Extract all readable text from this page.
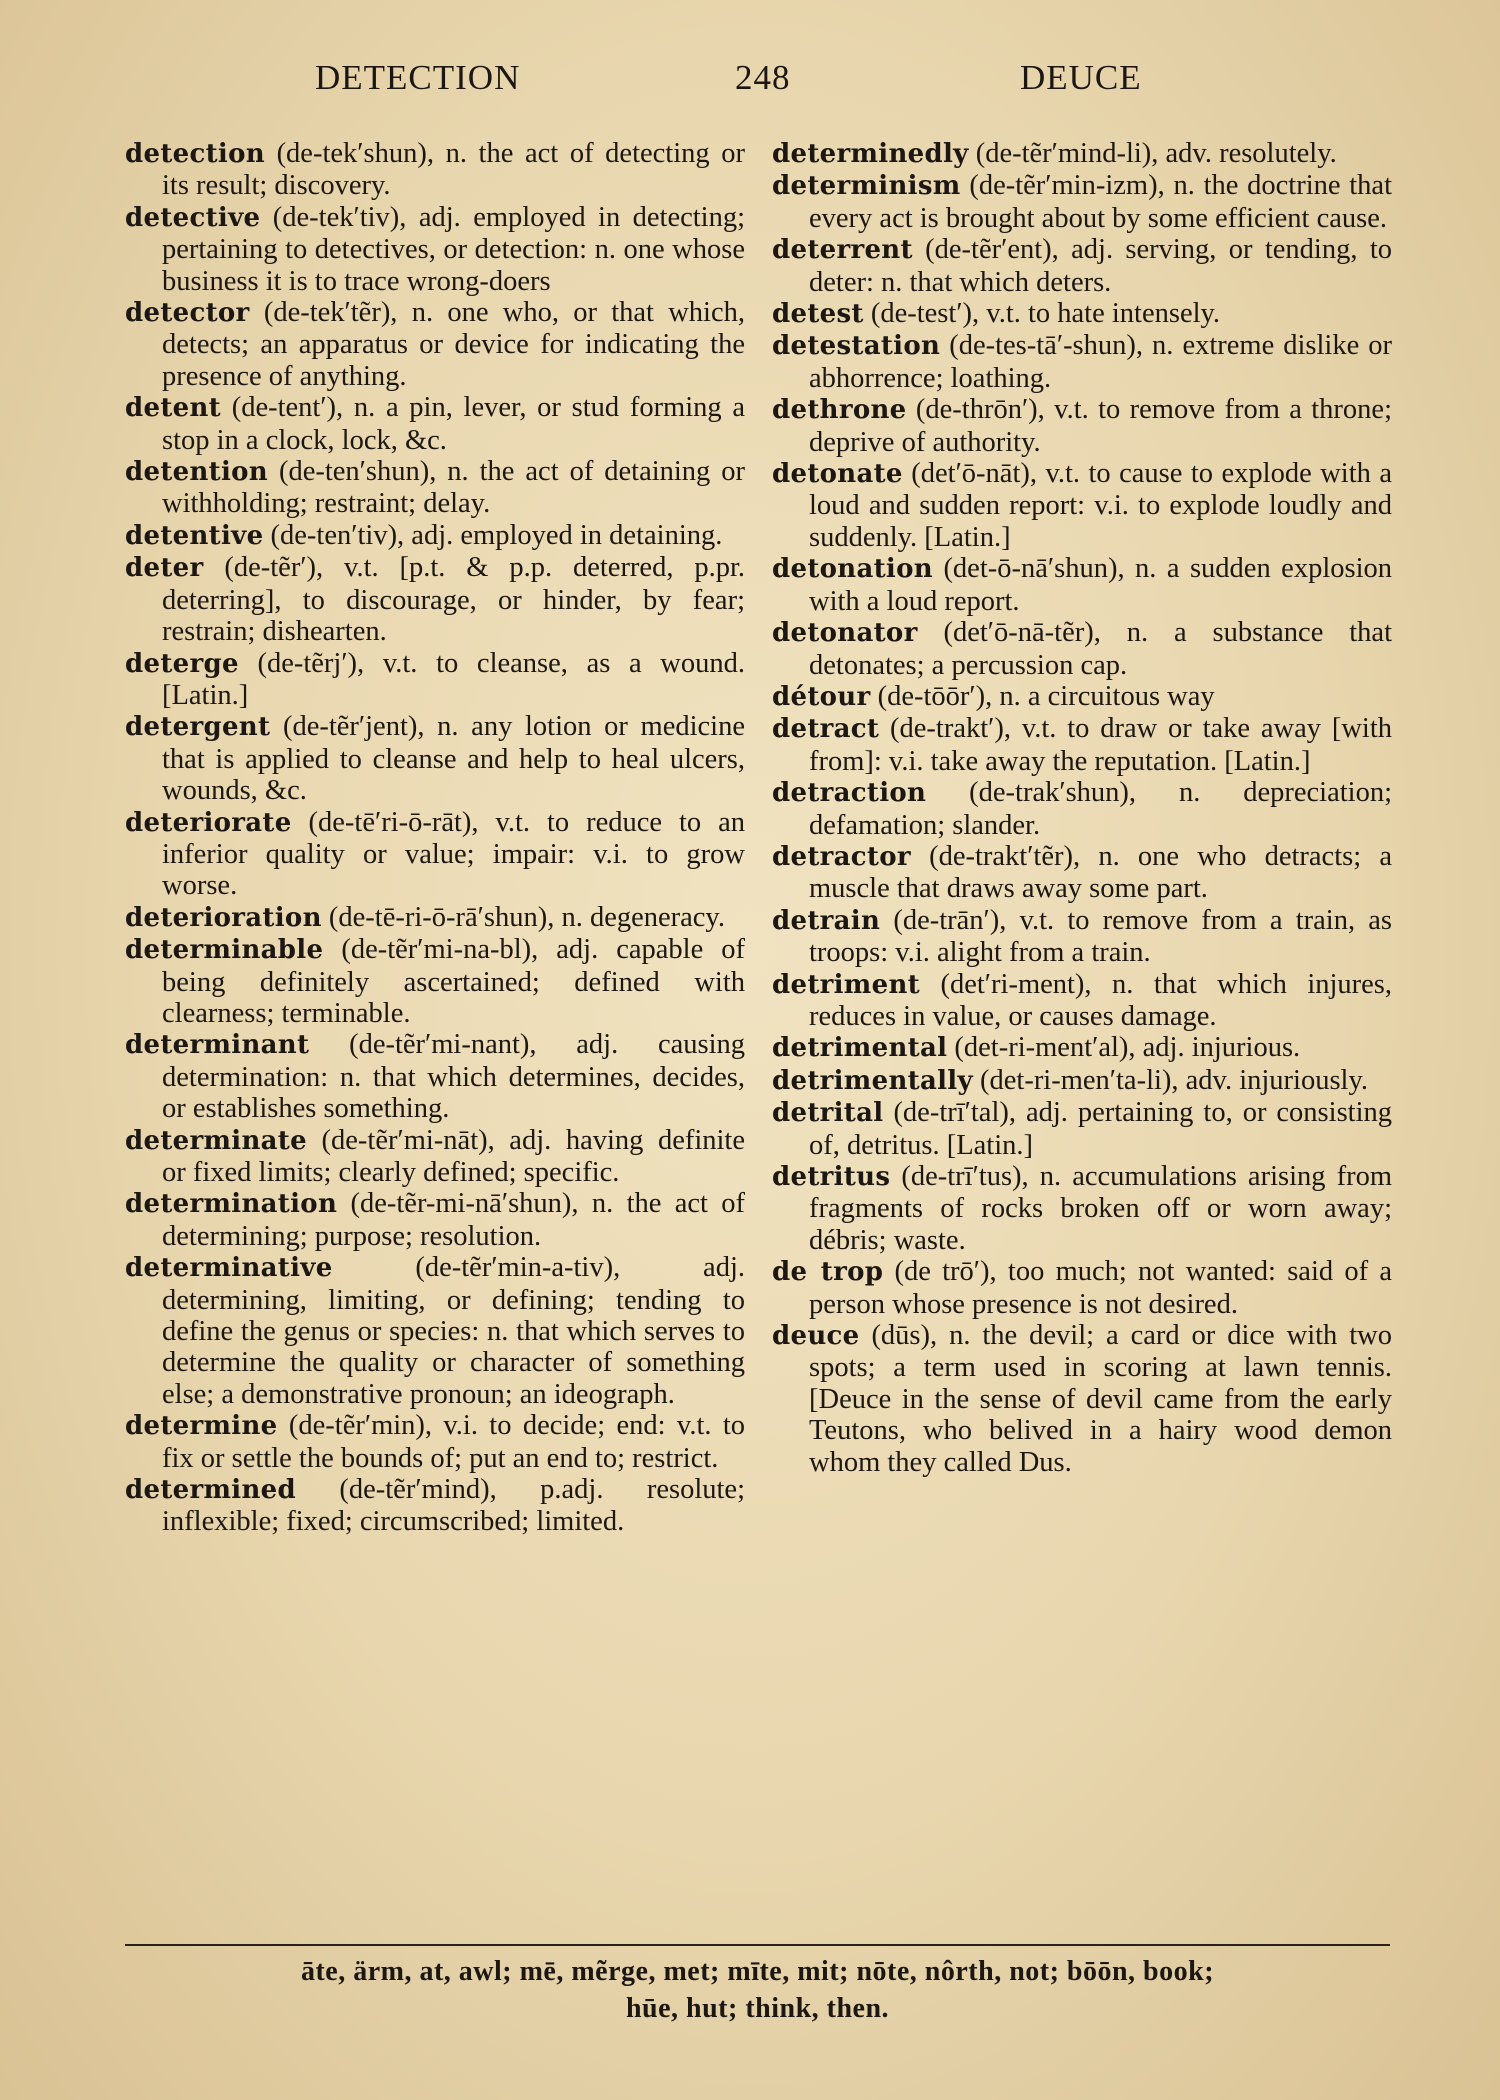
DETECTION	248	DEUCE

detection (de-tek′shun), n. the act of detecting or its result; discovery.

detective (de-tek′tiv), adj. employed in detecting; pertaining to detectives, or detection: n. one whose business it is to trace wrong-doers

detector (de-tek′tẽr), n. one who, or that which, detects; an apparatus or device for indicating the presence of anything.

detent (de-tent′), n. a pin, lever, or stud forming a stop in a clock, lock, &c.

detention (de-ten′shun), n. the act of detaining or withholding; restraint; delay.

detentive (de-ten′tiv), adj. employed in detaining.

deter (de-tẽr′), v.t. [p.t. & p.p. deterred, p.pr. deterring], to discourage, or hinder, by fear; restrain; dishearten.

deterge (de-tẽrj′), v.t. to cleanse, as a wound. [Latin.]

detergent (de-tẽr′jent), n. any lotion or medicine that is applied to cleanse and help to heal ulcers, wounds, &c.

deteriorate (de-tē′ri-ō-rāt), v.t. to reduce to an inferior quality or value; impair: v.i. to grow worse.

deterioration (de-tē-ri-ō-rā′shun), n. degeneracy.

determinable (de-tẽr′mi-na-bl), adj. capable of being definitely ascertained; defined with clearness; terminable.

determinant (de-tẽr′mi-nant), adj. causing determination: n. that which determines, decides, or establishes something.

determinate (de-tẽr′mi-nāt), adj. having definite or fixed limits; clearly defined; specific.

determination (de-tẽr-mi-nā′shun), n. the act of determining; purpose; resolution.

determinative	(de-tẽr′min-a-tiv), adj. determining, limiting, or defining; tending to define the genus or species: n. that which serves to determine the quality or character of something else; a demonstrative pronoun; an ideograph.

determine (de-tẽr′min), v.i. to decide; end: v.t. to fix or settle the bounds of; put an end to; restrict.

determined (de-tẽr′mind), p.adj. resolute; inflexible; fixed; circumscribed; limited.

determinedly (de-tẽr′mind-li), adv. resolutely.

determinism (de-tẽr′min-izm), n. the doctrine that every act is brought about by some efficient cause.

deterrent (de-tẽr′ent), adj. serving, or tending, to deter: n. that which deters.

detest (de-test′), v.t. to hate intensely.

detestation (de-tes-tā′-shun), n. extreme dislike or abhorrence; loathing.

dethrone (de-thrōn′), v.t. to remove from a throne; deprive of authority.

detonate (det′ō-nāt), v.t. to cause to explode with a loud and sudden report: v.i. to explode loudly and suddenly. [Latin.]

detonation (det-ō-nā′shun), n. a sudden explosion with a loud report.

detonator (det′ō-nā-tẽr), n. a substance that detonates; a percussion cap.

détour (de-tōōr′), n. a circuitous way

detract (de-trakt′), v.t. to draw or take away [with from]: v.i. take away the reputation. [Latin.]

detraction (de-trak′shun), n. depreciation; defamation; slander.

detractor (de-trakt′tẽr), n. one who detracts; a muscle that draws away some part.

detrain (de-trān′), v.t. to remove from a train, as troops: v.i. alight from a train.

detriment (det′ri-ment), n. that which injures, reduces in value, or causes damage.

detrimental (det-ri-ment′al), adj. injurious.

detrimentally (det-ri-men′ta-li), adv. injuriously.

detrital (de-trī′tal), adj. pertaining to, or consisting of, detritus. [Latin.]

detritus (de-trī′tus), n. accumulations arising from fragments of rocks broken off or worn away; débris; waste.

de trop (de trō′), too much; not wanted: said of a person whose presence is not desired.

deuce (dūs), n. the devil; a card or dice with two spots; a term used in scoring at lawn tennis. [Deuce in the sense of devil came from the early Teutons, who belived in a hairy wood demon whom they called Dus.

āte, ärm, at, awl; mē, mẽrge, met; mīte, mit; nōte, nôrth, not; bōōn, book;
hūe, hut; think, then.
